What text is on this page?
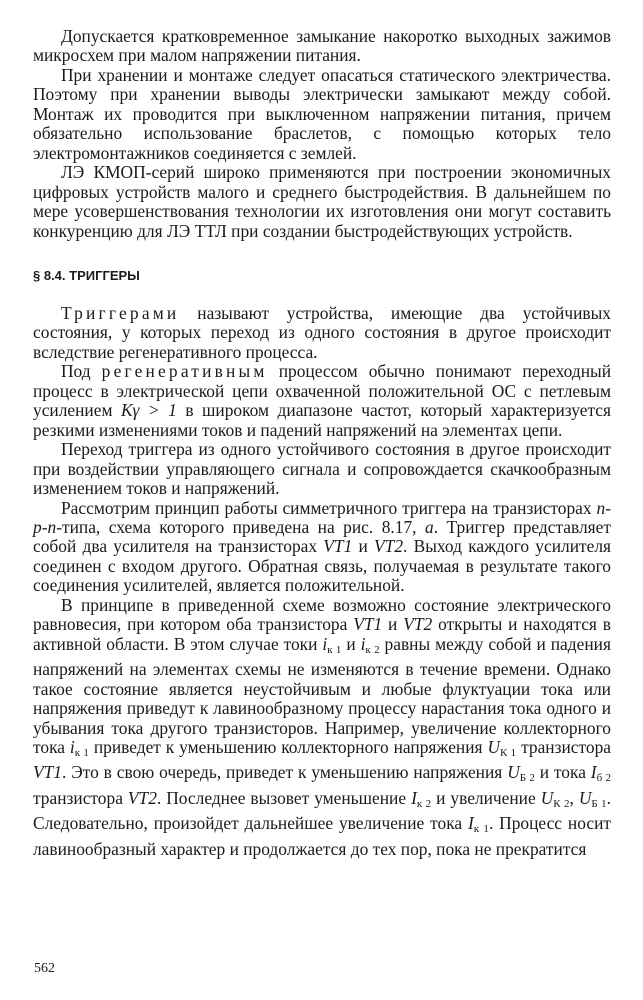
Допускается кратковременное замыкание накоротко выходных зажимов микросхем при малом напряжении питания.

При хранении и монтаже следует опасаться статического электричества. Поэтому при хранении выводы электрически замыкают между собой. Монтаж их проводится при выключенном напряжении питания, причем обязательно использование браслетов, с помощью которых тело электромонтажников соединяется с землей.

ЛЭ КМОП-серий широко применяются при построении экономичных цифровых устройств малого и среднего быстродействия. В дальнейшем по мере усовершенствования технологии их изготовления они могут составить конкуренцию для ЛЭ ТТЛ при создании быстродействующих устройств.

§ 8.4. ТРИГГЕРЫ

Триггерами называют устройства, имеющие два устойчивых состояния, у которых переход из одного состояния в другое происходит вследствие регенеративного процесса.

Под регенеративным процессом обычно понимают переходный процесс в электрической цепи охваченной положительной ОС с петлевым усилением Kγ > 1 в широком диапазоне частот, который характеризуется резкими изменениями токов и падений напряжений на элементах цепи.

Переход триггера из одного устойчивого состояния в другое происходит при воздействии управляющего сигнала и сопровождается скачкообразным изменением токов и напряжений.

Рассмотрим принцип работы симметричного триггера на транзисторах n-p-n-типа, схема которого приведена на рис. 8.17, а. Триггер представляет собой два усилителя на транзисторах VT1 и VT2. Выход каждого усилителя соединен с входом другого. Обратная связь, получаемая в результате такого соединения усилителей, является положительной.

В принципе в приведенной схеме возможно состояние электрического равновесия, при котором оба транзистора VT1 и VT2 открыты и находятся в активной области. В этом случае токи $i_{к 1}$ и $i_{к 2}$ равны между собой и падения напряжений на элементах схемы не изменяются в течение времени. Однако такое состояние является неустойчивым и любые флуктуации тока или напряжения приведут к лавинообразному процессу нарастания тока одного и убывания тока другого транзисторов. Например, увеличение коллекторного тока $i_{к 1}$ приведет к уменьшению коллекторного напряжения $U_{К 1}$ транзистора VT1. Это в свою очередь, приведет к уменьшению напряжения $U_{Б 2}$ и тока $I_{б 2}$ транзистора VT2. Последнее вызовет уменьшение $I_{к 2}$ и увеличение $U_{К 2}$, $U_{Б 1}$. Следовательно, произойдет дальнейшее увеличение тока $I_{к 1}$. Процесс носит лавинообразный характер и продолжается до тех пор, пока не прекратится

562
